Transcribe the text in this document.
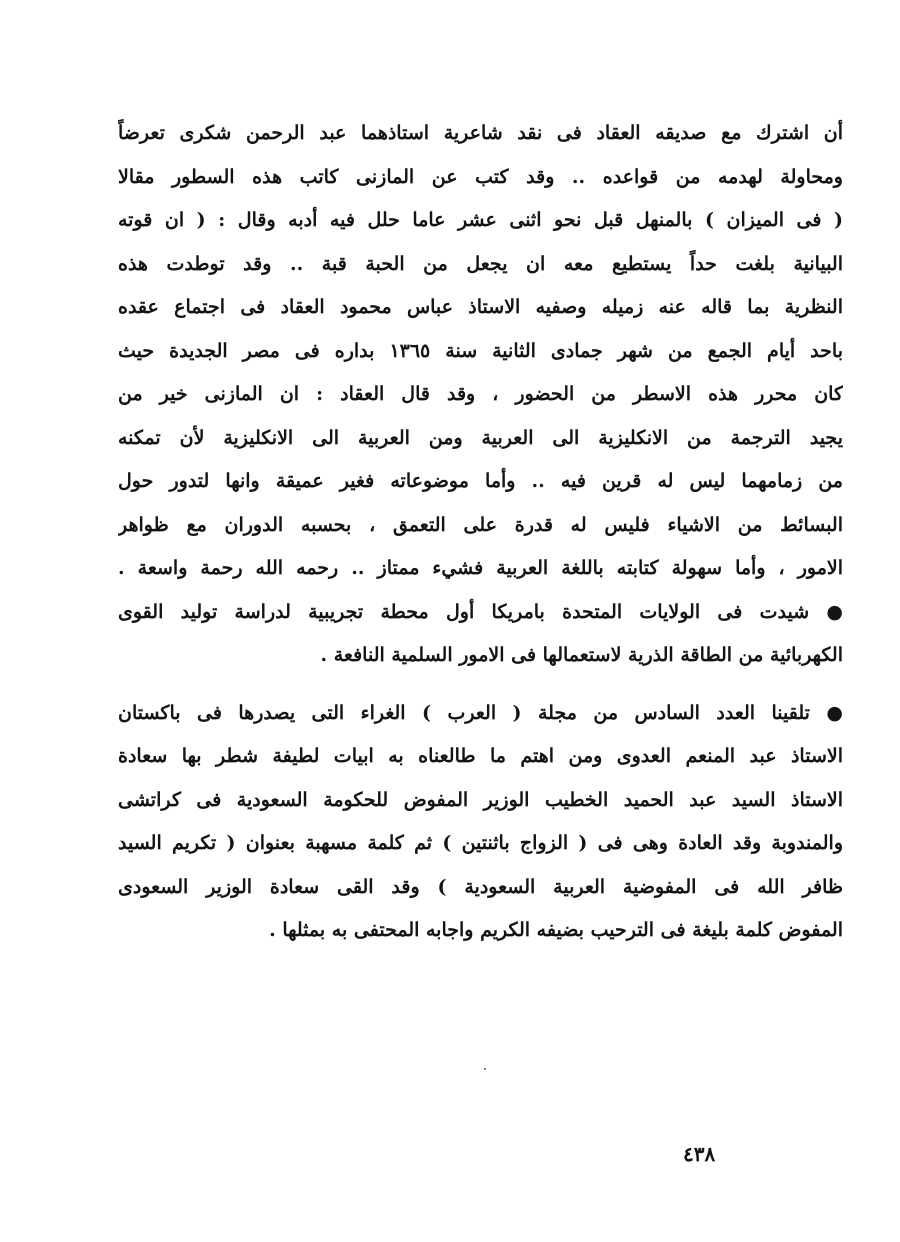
أن اشترك مع صديقه العقاد فى نقد شاعرية استاذهما عبد الرحمن شكرى تعرضاً
ومحاولة لهدمه من قواعده .. وقد كتب عن المازنى كاتب هذه السطور مقالا
( فى الميزان ) بالمنهل قبل نحو اثنى عشر عاما حلل فيه أدبه وقال : ( ان قوته
البيانية بلغت حداً يستطيع معه ان يجعل من الحبة قبة .. وقد توطدت هذه
النظرية بما قاله عنه زميله وصفيه الاستاذ عباس محمود العقاد فى اجتماع عقده
باحد أيام الجمع من شهر جمادى الثانية سنة ١٣٦٥ بداره فى مصر الجديدة حيث
كان محرر هذه الاسطر من الحضور ، وقد قال العقاد : ان المازنى خير من
يجيد الترجمة من الانكليزية الى العربية ومن العربية الى الانكليزية لأن تمكنه
من زمامهما ليس له قرين فيه .. وأما موضوعاته فغير عميقة وانها لتدور حول
البسائط من الاشياء فليس له قدرة على التعمق ، بحسبه الدوران مع ظواهر
الامور ، وأما سهولة كتابته باللغة العربية فشيء ممتاز .. رحمه الله رحمة واسعة .
● شيدت فى الولايات المتحدة بامريكا أول محطة تجريبية لدراسة توليد القوى
الكهربائية من الطاقة الذرية لاستعمالها فى الامور السلمية النافعة .
● تلقينا العدد السادس من مجلة ( العرب ) الغراء التى يصدرها فى باكستان
الاستاذ عبد المنعم العدوى ومن اهتم ما طالعناه به ابيات لطيفة شطر بها سعادة
الاستاذ السيد عبد الحميد الخطيب الوزير المفوض للحكومة السعودية فى كراتشى
والمندوبة وقد العادة وهى فى ( الزواج باثنتين ) ثم كلمة مسهبة بعنوان ( تكريم السيد
ظافر الله فى المفوضية العربية السعودية ) وقد القى سعادة الوزير السعودى
المفوض كلمة بليغة فى الترحيب بضيفه الكريم واجابه المحتفى به بمثلها .
٤٣٨
